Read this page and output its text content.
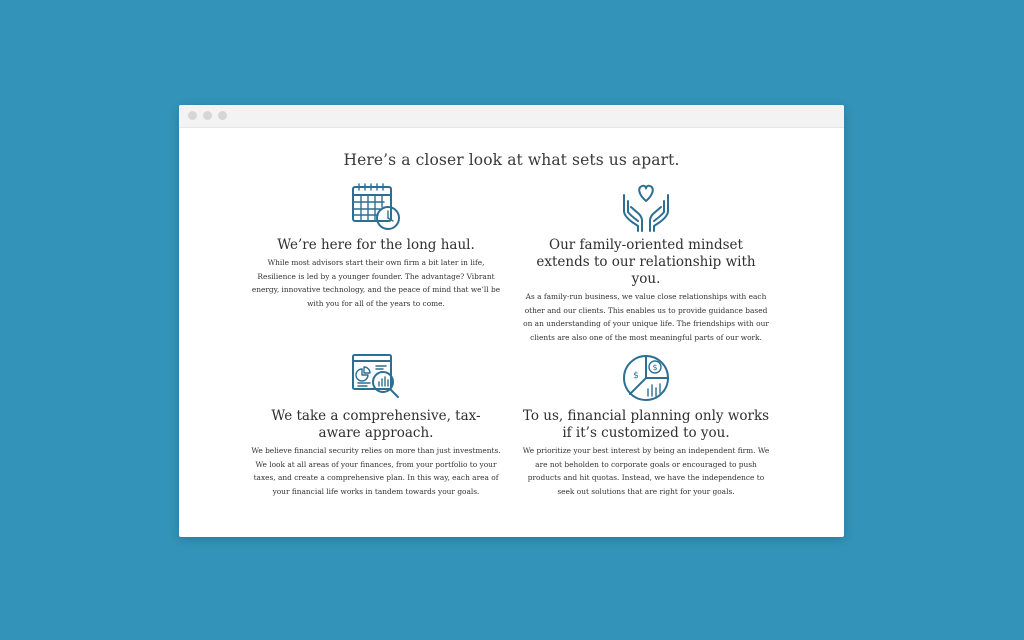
Here’s a closer look at what sets us apart.
We’re here for the long haul.

While most advisors start their own firm a bit later in life, Resilience is led by a younger founder. The advantage? Vibrant energy, innovative technology, and the peace of mind that we’ll be with you for all of the years to come.

Our family-oriented mindset extends to our relationship with you.

As a family-run business, we value close relationships with each other and our clients. This enables us to provide guidance based on an understanding of your unique life. The friendships with our clients are also one of the most meaningful parts of our work.

We take a comprehensive, tax-aware approach.

We believe financial security relies on more than just investments. We look at all areas of your finances, from your portfolio to your taxes, and create a comprehensive plan. In this way, each area of your financial life works in tandem towards your goals.

$
$
To us, financial planning only works if it’s customized to you.

We prioritize your best interest by being an independent firm. We are not beholden to corporate goals or encouraged to push products and hit quotas. Instead, we have the independence to seek out solutions that are right for your goals.
